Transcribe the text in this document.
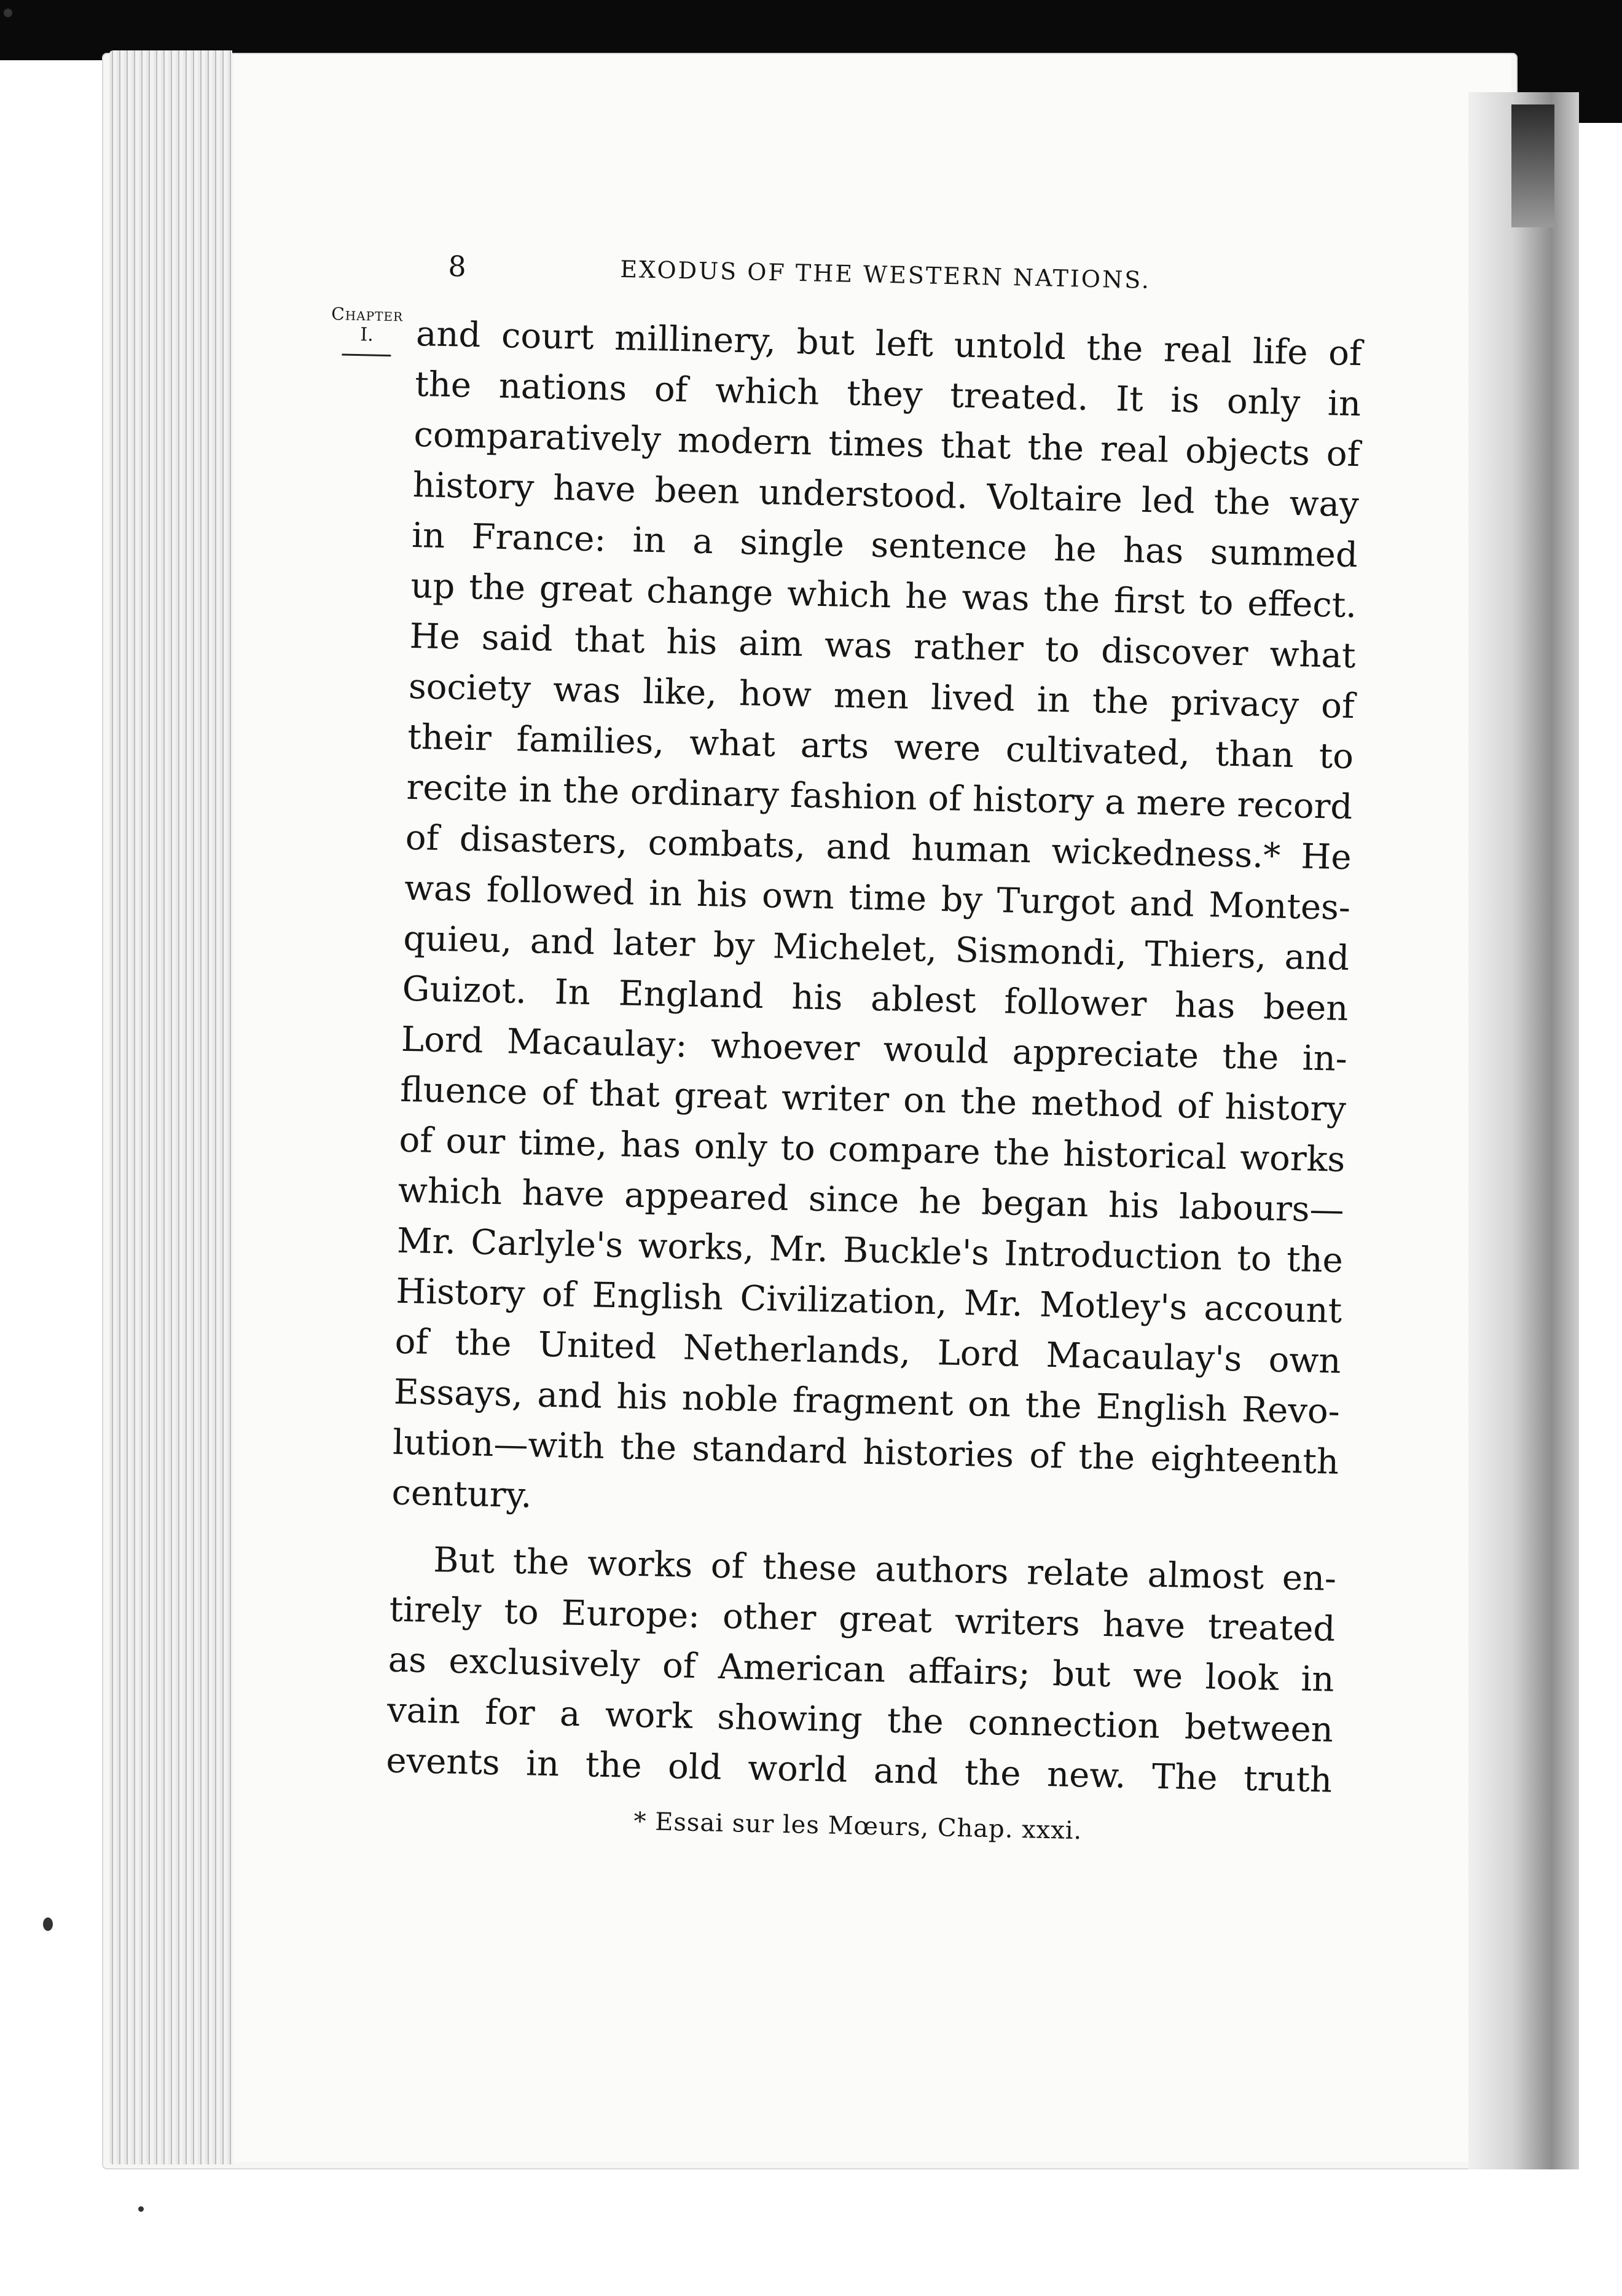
8	EXODUS OF THE WESTERN NATIONS.
Chapter
I.	and court millinery, but left untold the real life of
the nations of which they treated. It is only in
comparatively modern times that the real objects of
history have been understood. Voltaire led the way
in France: in a single sentence he has summed
up the great change which he was the first to effect.
He said that his aim was rather to discover what
society was like, how men lived in the privacy of
their families, what arts were cultivated, than to
recite in the ordinary fashion of history a mere record
of disasters, combats, and human wickedness.* He
was followed in his own time by Turgot and Montes-
quieu, and later by Michelet, Sismondi, Thiers, and
Guizot. In England his ablest follower has been
Lord Macaulay: whoever would appreciate the in-
fluence of that great writer on the method of history
of our time, has only to compare the historical works
which have appeared since he began his labours—
Mr. Carlyle's works, Mr. Buckle's Introduction to the
History of English Civilization, Mr. Motley's account
of the United Netherlands, Lord Macaulay's own
Essays, and his noble fragment on the English Revo-
lution—with the standard histories of the eighteenth
century.
But the works of these authors relate almost en-
tirely to Europe: other great writers have treated
as exclusively of American affairs; but we look in
vain for a work showing the connection between
events in the old world and the new. The truth
* Essai sur les Mœurs, Chap. xxxi.
